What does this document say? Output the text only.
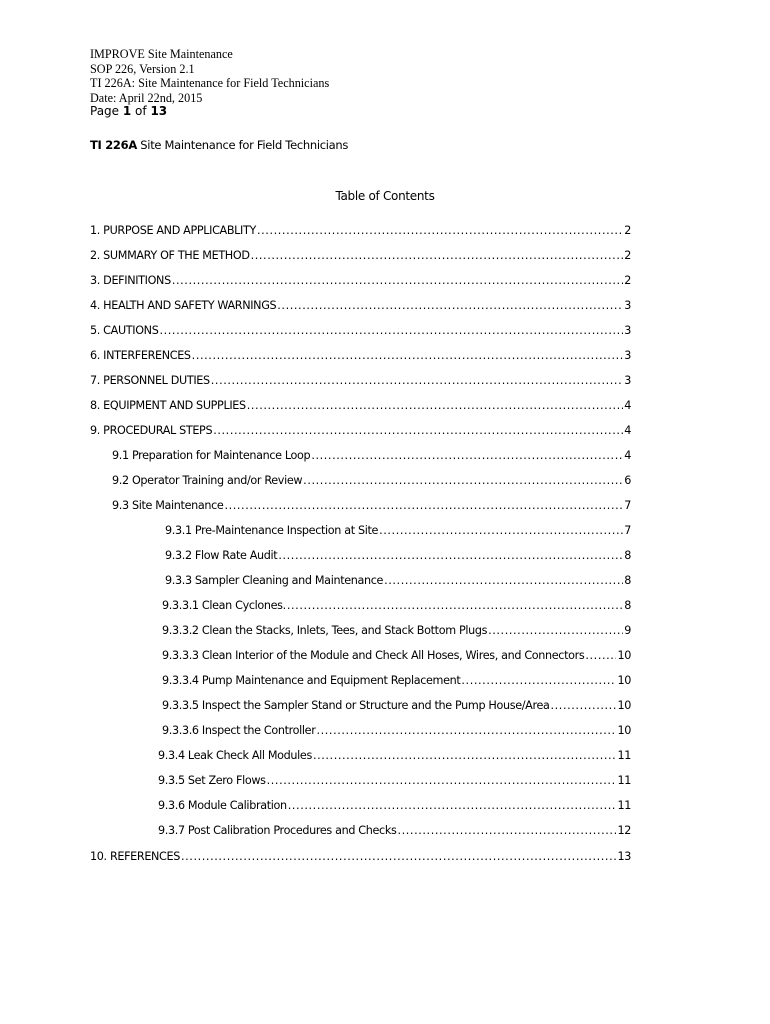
IMPROVE Site Maintenance
SOP 226, Version 2.1
TI 226A: Site Maintenance for Field Technicians
Date: April 22nd, 2015
Page 1 of 13
TI 226A Site Maintenance for Field Technicians
Table of Contents
1. PURPOSE AND APPLICABLITY .....	2
2. SUMMARY OF THE METHOD .....	2
3. DEFINITIONS .....	2
4. HEALTH AND SAFETY WARNINGS .....	3
5. CAUTIONS .....	3
6. INTERFERENCES .....	3
7. PERSONNEL DUTIES .....	3
8. EQUIPMENT AND SUPPLIES .....	4
9. PROCEDURAL STEPS .....	4
9.1 Preparation for Maintenance Loop .....	4
9.2 Operator Training and/or Review .....	6
9.3 Site Maintenance .....	7
9.3.1 Pre-Maintenance Inspection at Site .....	7
9.3.2 Flow Rate Audit .....	8
9.3.3 Sampler Cleaning and Maintenance .....	8
9.3.3.1 Clean Cyclones. .....	8
9.3.3.2 Clean the Stacks, Inlets, Tees, and Stack Bottom Plugs .....	9
9.3.3.3 Clean Interior of the Module and Check All Hoses, Wires, and Connectors .....	10
9.3.3.4 Pump Maintenance and Equipment Replacement .....	10
9.3.3.5 Inspect the Sampler Stand or Structure and the Pump House/Area .....	10
9.3.3.6 Inspect the Controller .....	10
9.3.4 Leak Check All Modules .....	11
9.3.5 Set Zero Flows .....	11
9.3.6 Module Calibration .....	11
9.3.7 Post Calibration Procedures and Checks .....	12
10. REFERENCES .....	13
